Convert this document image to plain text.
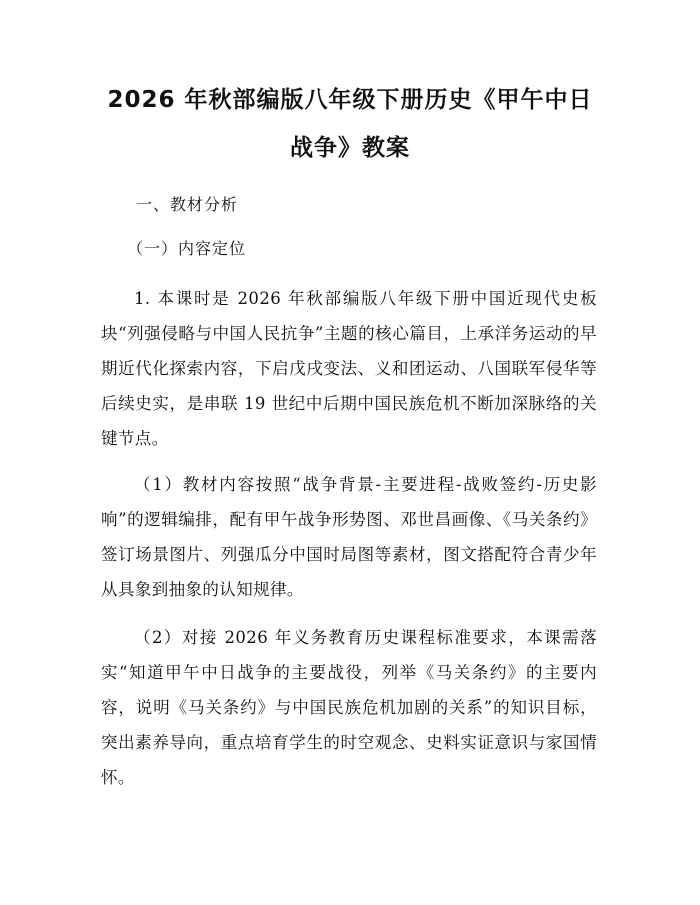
2026 年秋部编版八年级下册历史《甲午中日
战争》教案

一、教材分析

（一）内容定位

1. 本课时是 2026 年秋部编版八年级下册中国近现代史板块“列强侵略与中国人民抗争”主题的核心篇目，上承洋务运动的早期近代化探索内容，下启戊戌变法、义和团运动、八国联军侵华等后续史实，是串联 19 世纪中后期中国民族危机不断加深脉络的关键节点。

（1）教材内容按照“战争背景-主要进程-战败签约-历史影响”的逻辑编排，配有甲午战争形势图、邓世昌画像、《马关条约》签订场景图片、列强瓜分中国时局图等素材，图文搭配符合青少年从具象到抽象的认知规律。

（2）对接 2026 年义务教育历史课程标准要求，本课需落实“知道甲午中日战争的主要战役，列举《马关条约》的主要内容，说明《马关条约》与中国民族危机加剧的关系”的知识目标，突出素养导向，重点培育学生的时空观念、史料实证意识与家国情怀。
